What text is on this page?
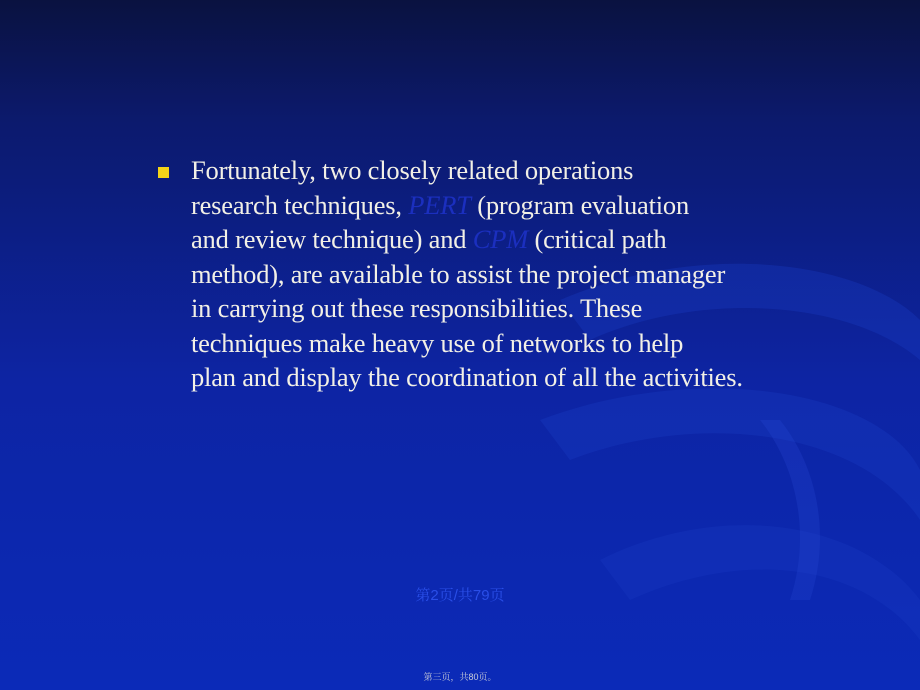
Fortunately, two closely related operations
research techniques, PERT (program evaluation
and review technique) and CPM (critical path
method), are available to assist the project manager
in carrying out these responsibilities. These
techniques make heavy use of networks to help
plan and display the coordination of all the activities.

第2页/共79页
第三页，共80页。
